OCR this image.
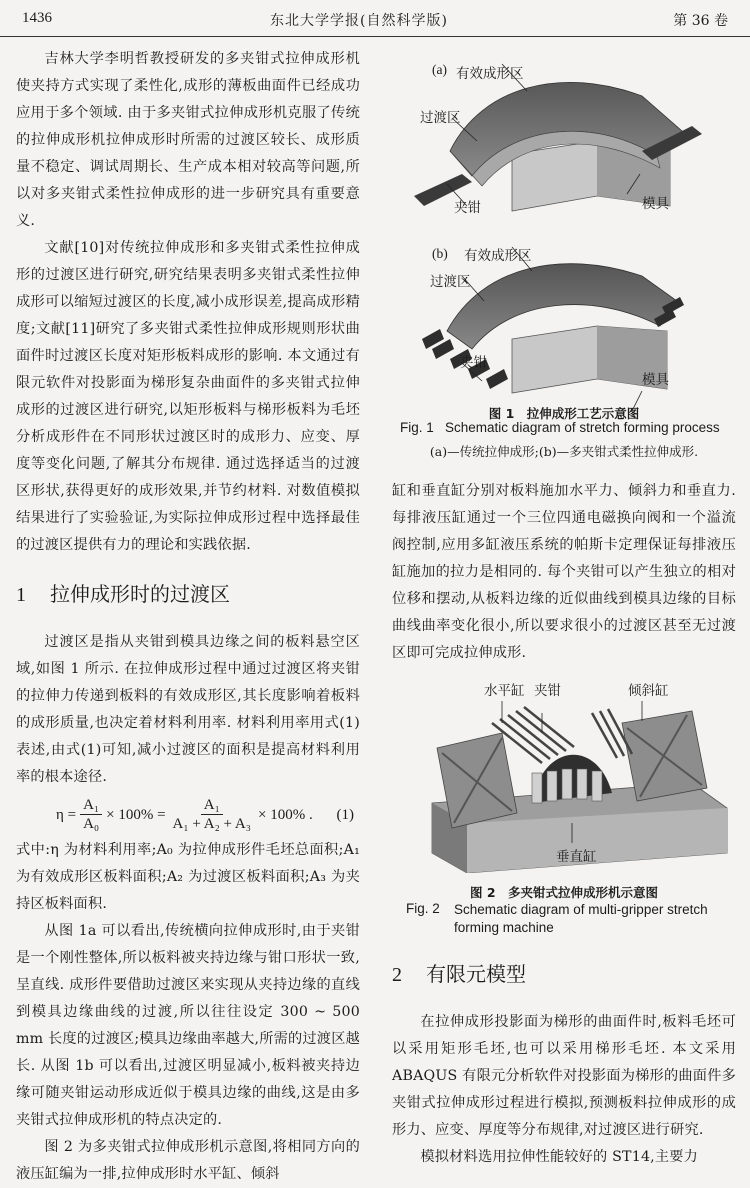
1436	东北大学学报(自然科学版)	第 36 卷

吉林大学李明哲教授研发的多夹钳式拉伸成形机使夹持方式实现了柔性化,成形的薄板曲面件已经成功应用于多个领域. 由于多夹钳式拉伸成形机克服了传统的拉伸成形机拉伸成形时所需的过渡区较长、成形质量不稳定、调试周期长、生产成本相对较高等问题,所以对多夹钳式柔性拉伸成形的进一步研究具有重要意义.

文献[10]对传统拉伸成形和多夹钳式柔性拉伸成形的过渡区进行研究,研究结果表明多夹钳式柔性拉伸成形可以缩短过渡区的长度,减小成形误差,提高成形精度;文献[11]研究了多夹钳式柔性拉伸成形规则形状曲面件时过渡区长度对矩形板料成形的影响. 本文通过有限元软件对投影面为梯形复杂曲面件的多夹钳式拉伸成形的过渡区进行研究,以矩形板料与梯形板料为毛坯分析成形件在不同形状过渡区时的成形力、应变、厚度等变化问题,了解其分布规律. 通过选择适当的过渡区形状,获得更好的成形效果,并节约材料. 对数值模拟结果进行了实验验证,为实际拉伸成形过程中选择最佳的过渡区提供有力的理论和实践依据.

1 拉伸成形时的过渡区

过渡区是指从夹钳到模具边缘之间的板料悬空区域,如图 1 所示. 在拉伸成形过程中通过过渡区将夹钳的拉伸力传递到板料的有效成形区,其长度影响着板料的成形质量,也决定着材料利用率. 材料利用率用式(1)表述,由式(1)可知,减小过渡区的面积是提高材料利用率的根本途径.

$\eta = \frac{\text{A₁}}{\text{A₀}} \times 100\% = \frac{\text{A₁}}{\text{A₁ + A₂ + A₃}} \times 100\%$ . (1)

式中:η 为材料利用率;A₀ 为拉伸成形件毛坯总面积;A₁ 为有效成形区板料面积;A₂ 为过渡区板料面积;A₃ 为夹持区板料面积.

从图 1a 可以看出,传统横向拉伸成形时,由于夹钳是一个刚性整体,所以板料被夹持边缘与钳口形状一致,呈直线. 成形件要借助过渡区来实现从夹持边缘的直线到模具边缘曲线的过渡,所以往往设定 300 ~ 500 mm 长度的过渡区;模具边缘曲率越大,所需的过渡区越长. 从图 1b 可以看出,过渡区明显减小,板料被夹持边缘可随夹钳运动形成近似于模具边缘的曲线,这是由多夹钳式拉伸成形机的特点决定的.

图 2 为多夹钳式拉伸成形机示意图,将相同方向的液压缸编为一排,拉伸成形时水平缸、倾斜

(a) 有效成形区
过渡区
夹钳	模具
(b) 有效成形区
过渡区
夹钳
模具
图 1　拉伸成形工艺示意图
Fig. 1 Schematic diagram of stretch forming process
(a)—传统拉伸成形;(b)—多夹钳式柔性拉伸成形.

缸和垂直缸分别对板料施加水平力、倾斜力和垂直力. 每排液压缸通过一个三位四通电磁换向阀和一个溢流阀控制,应用多缸液压系统的帕斯卡定理保证每排液压缸施加的拉力是相同的. 每个夹钳可以产生独立的相对位移和摆动,从板料边缘的近似曲线到模具边缘的目标曲线曲率变化很小,所以要求很小的过渡区甚至无过渡区即可完成拉伸成形.

水平缸 夹钳	倾斜缸
垂直缸
图 2　多夹钳式拉伸成形机示意图
Fig. 2	Schematic diagram of multi-gripper stretch forming machine
2 有限元模型

在拉伸成形投影面为梯形的曲面件时,板料毛坯可以采用矩形毛坯,也可以采用梯形毛坯. 本文采用 ABAQUS 有限元分析软件对投影面为梯形的曲面件多夹钳式拉伸成形过程进行模拟,预测板料拉伸成形的成形力、应变、厚度等分布规律,对过渡区进行研究.

模拟材料选用拉伸性能较好的 ST14,主要力
